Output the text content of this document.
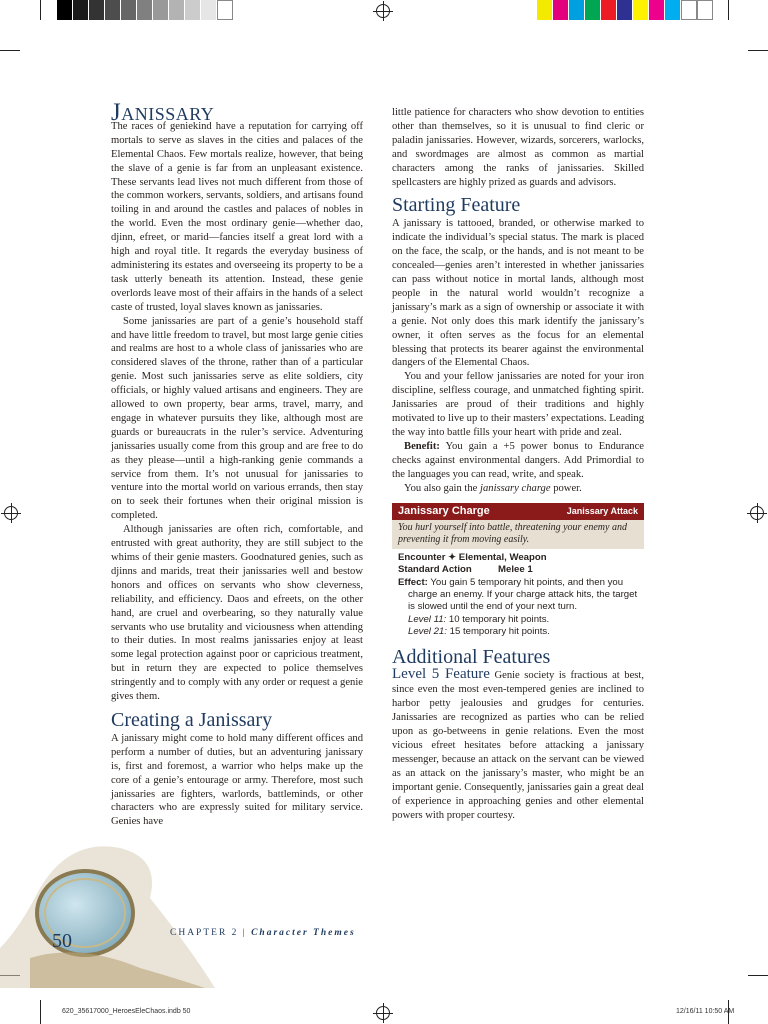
Janissary

The races of geniekind have a reputation for carrying off mortals to serve as slaves in the cities and palaces of the Elemental Chaos. Few mortals realize, however, that being the slave of a genie is far from an unpleasant existence. These servants lead lives not much different from those of the common workers, servants, soldiers, and artisans found toiling in and around the castles and palaces of nobles in the world. Even the most ordinary genie—whether dao, djinn, efreet, or marid—fancies itself a great lord with a high and royal title. It regards the everyday business of administering its estates and overseeing its property to be a task utterly beneath its attention. Instead, these genie overlords leave most of their affairs in the hands of a select caste of trusted, loyal slaves known as janissaries.

Some janissaries are part of a genie’s household staff and have little freedom to travel, but most large genie cities and realms are host to a whole class of janissaries who are considered slaves of the throne, rather than of a particular genie. Most such janissaries serve as elite soldiers, city officials, or highly valued artisans and engineers. They are allowed to own property, bear arms, travel, marry, and engage in whatever pursuits they like, although most are guards or bureaucrats in the ruler’s service. Adventuring janissaries usually come from this group and are free to do as they please—until a high-ranking genie commands a service from them. It’s not unusual for janissaries to venture into the mortal world on various errands, then stay on to seek their fortunes when their original mission is completed.

Although janissaries are often rich, comfortable, and entrusted with great authority, they are still subject to the whims of their genie masters. Goodnatured genies, such as djinns and marids, treat their janissaries well and bestow honors and offices on servants who show cleverness, reliability, and efficiency. Daos and efreets, on the other hand, are cruel and overbearing, so they naturally value servants who use brutality and viciousness when attending to their duties. In most realms janissaries enjoy at least some legal protection against poor or capricious treatment, but in return they are expected to police themselves stringently and to comply with any order or request a genie gives them.

Creating a Janissary

A janissary might come to hold many different offices and perform a number of duties, but an adventuring janissary is, first and foremost, a warrior who helps make up the core of a genie’s entourage or army. Therefore, most such janissaries are fighters, warlords, battleminds, or other characters who are expressly suited for military service. Genies have

little patience for characters who show devotion to entities other than themselves, so it is unusual to find cleric or paladin janissaries. However, wizards, sorcerers, warlocks, and swordmages are almost as common as martial characters among the ranks of janissaries. Skilled spellcasters are highly prized as guards and advisors.

Starting Feature

A janissary is tattooed, branded, or otherwise marked to indicate the individual’s special status. The mark is placed on the face, the scalp, or the hands, and is not meant to be concealed—genies aren’t interested in whether janissaries can pass without notice in mortal lands, although most people in the natural world wouldn’t recognize a janissary’s mark as a sign of ownership or associate it with a genie. Not only does this mark identify the janissary’s owner, it often serves as the focus for an elemental blessing that protects its bearer against the environmental dangers of the Elemental Chaos.

You and your fellow janissaries are noted for your iron discipline, selfless courage, and unmatched fighting spirit. Janissaries are proud of their traditions and highly motivated to live up to their masters’ expectations. Leading the way into battle fills your heart with pride and zeal.

Benefit: You gain a +5 power bonus to Endurance checks against environmental dangers. Add Primordial to the languages you can read, write, and speak.

You also gain the janissary charge power.

Janissary Charge	Janissary Attack
You hurl yourself into battle, threatening your enemy and preventing it from moving easily.
Encounter ✦ Elemental, Weapon
Standard Action	Melee 1
Effect: You gain 5 temporary hit points, and then you charge an enemy. If your charge attack hits, the target is slowed until the end of your next turn.
Level 11: 10 temporary hit points.
Level 21: 15 temporary hit points.
Additional Features

Level 5 Feature Genie society is fractious at best, since even the most even-tempered genies are inclined to harbor petty jealousies and grudges for centuries. Janissaries are recognized as parties who can be relied upon as go-betweens in genie relations. Even the most vicious efreet hesitates before attacking a janissary messenger, because an attack on the servant can be viewed as an attack on the janissary’s master, who might be an important genie. Consequently, janissaries gain a great deal of experience in approaching genies and other elemental powers with proper courtesy.

50	CHAPTER 2 | Character Themes
620_35617000_HeroesEleChaos.indb 50	12/16/11 10:50 AM
